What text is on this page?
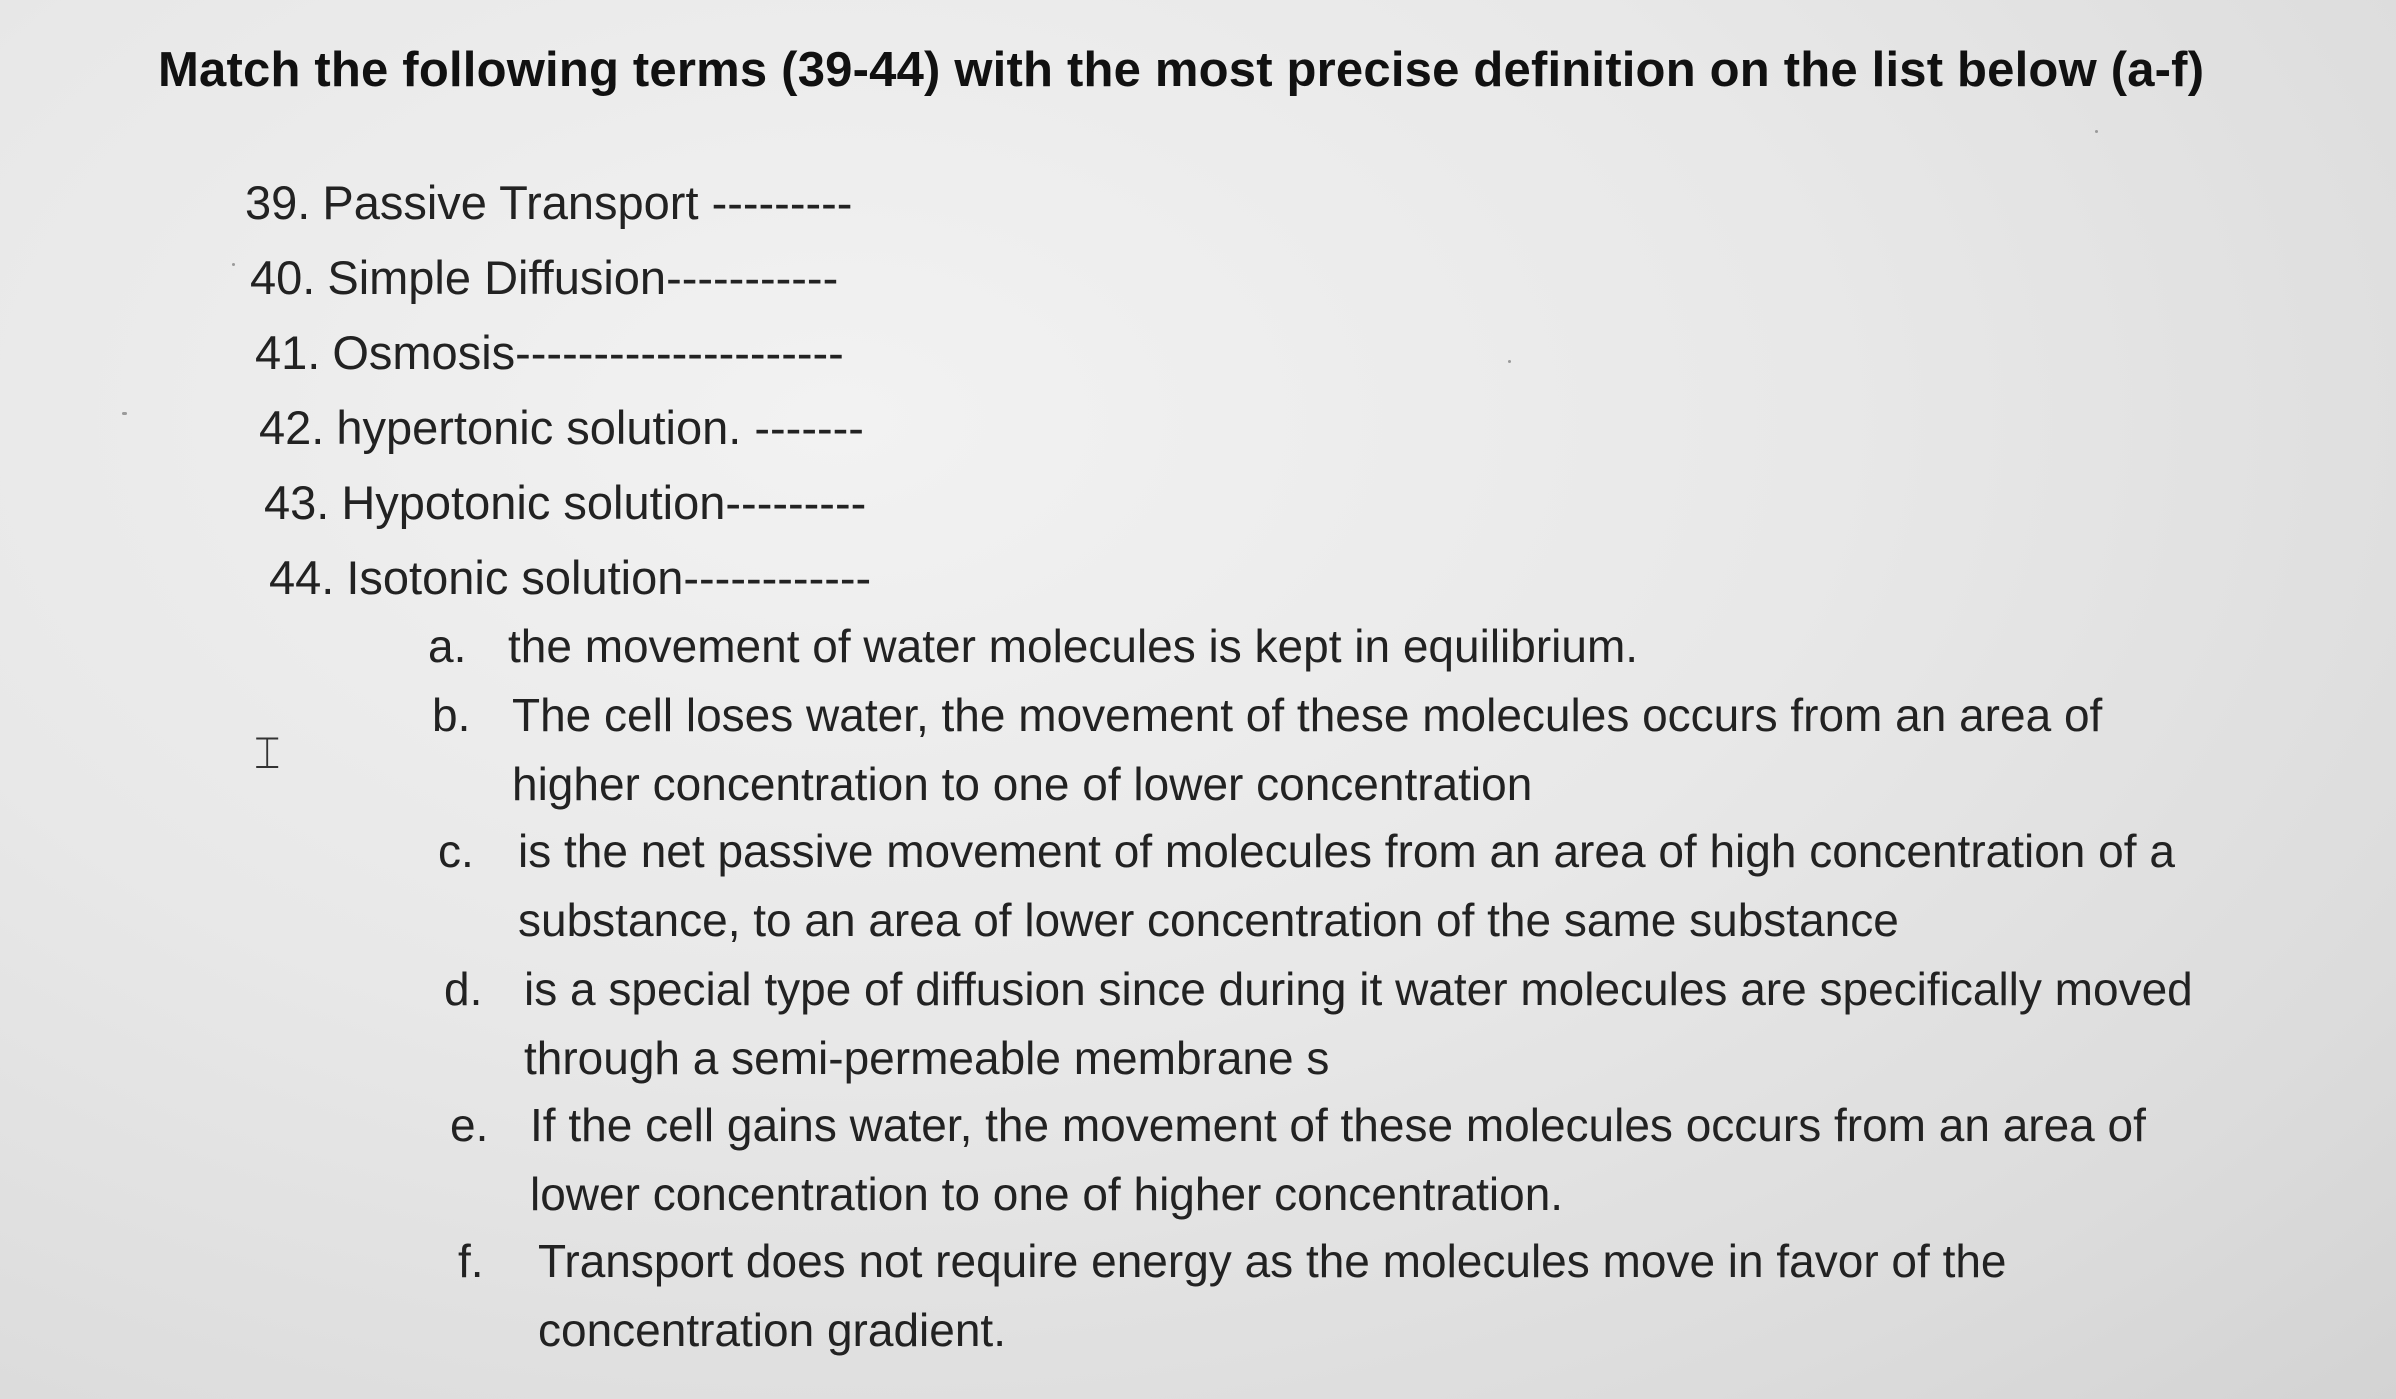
Match the following terms (39-44) with the most precise definition on the list below (a-f)
39. Passive Transport ---------
40. Simple Diffusion-----------
41. Osmosis---------------------
42. hypertonic solution. -------
43. Hypotonic solution---------
44. Isotonic solution------------
⌶
a. the movement of water molecules is kept in equilibrium.
b. The cell loses water, the movement of these molecules occurs from an area of higher concentration to one of lower concentration
c. is the net passive movement of molecules from an area of high concentration of a substance, to an area of lower concentration of the same substance
d. is a special type of diffusion since during it water molecules are specifically moved through a semi-permeable membrane s
e. If the cell gains water, the movement of these molecules occurs from an area of lower concentration to one of higher concentration.
f. Transport does not require energy as the molecules move in favor of the concentration gradient.
